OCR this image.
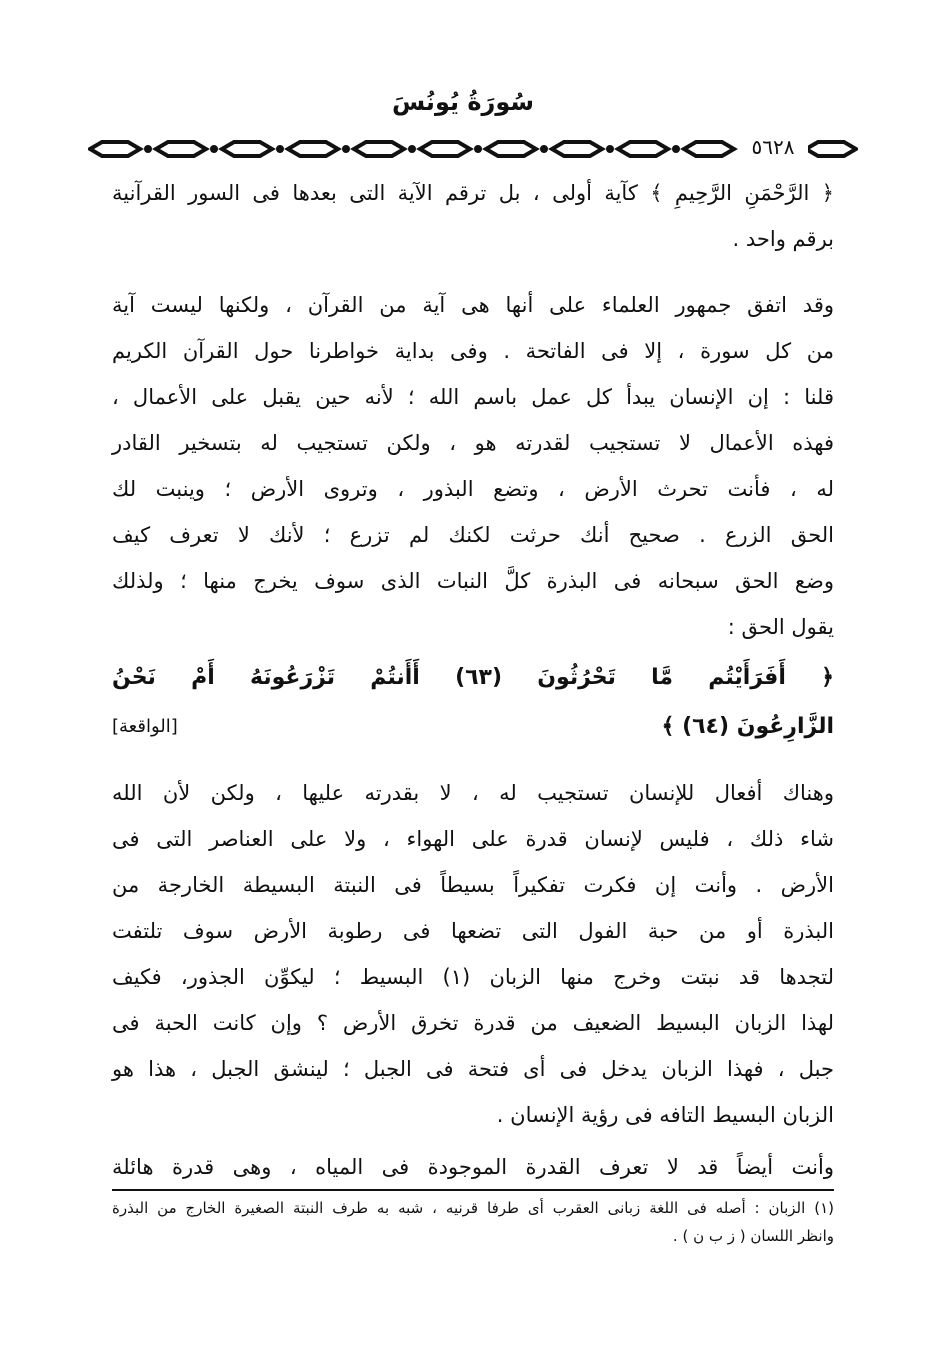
سُورَةُ يُونُسَ
٥٦٢٨
﴿ الرَّحْمَنِ الرَّحِيمِ ﴾ كآية أولى ، بل ترقم الآية التى بعدها فى السور القرآنية
برقم واحد .
وقد اتفق جمهور العلماء على أنها هى آية من القرآن ، ولكنها ليست آية
من كل سورة ، إلا فى الفاتحة . وفى بداية خواطرنا حول القرآن الكريم
قلنا : إن الإنسان يبدأ كل عمل باسم الله ؛ لأنه حين يقبل على الأعمال ،
فهذه الأعمال لا تستجيب لقدرته هو ، ولكن تستجيب له بتسخير القادر
له ، فأنت تحرث الأرض ، وتضع البذور ، وتروى الأرض ؛ وينبت لك
الحق الزرع . صحيح أنك حرثت لكنك لم تزرع ؛ لأنك لا تعرف كيف
وضع الحق سبحانه فى البذرة كلَّ النبات الذى سوف يخرج منها ؛ ولذلك
يقول الحق :
﴿ أَفَرَأَيْتُم مَّا تَحْرُثُونَ (٦٣) أَأَنتُمْ تَزْرَعُونَهُ أَمْ نَحْنُ
الزَّارِعُونَ (٦٤) ﴾
[الواقعة]
وهناك أفعال للإنسان تستجيب له ، لا بقدرته عليها ، ولكن لأن الله
شاء ذلك ، فليس لإنسان قدرة على الهواء ، ولا على العناصر التى فى
الأرض . وأنت إن فكرت تفكيراً بسيطاً فى النبتة البسيطة الخارجة من
البذرة أو من حبة الفول التى تضعها فى رطوبة الأرض سوف تلتفت
لتجدها قد نبتت وخرج منها الزبان (١) البسيط ؛ ليكوِّن الجذور، فكيف
لهذا الزبان البسيط الضعيف من قدرة تخرق الأرض ؟ وإن كانت الحبة فى
جبل ، فهذا الزبان يدخل فى أى فتحة فى الجبل ؛ لينشق الجبل ، هذا هو
الزبان البسيط التافه فى رؤية الإنسان .
وأنت أيضاً قد لا تعرف القدرة الموجودة فى المياه ، وهى قدرة هائلة
(١) الزبان : أصله فى اللغة زبانى العقرب أى طرفا قرنيه ، شبه به طرف النبتة الصغيرة الخارج من البذرة
وانظر اللسان ( ز ب ن ) .
